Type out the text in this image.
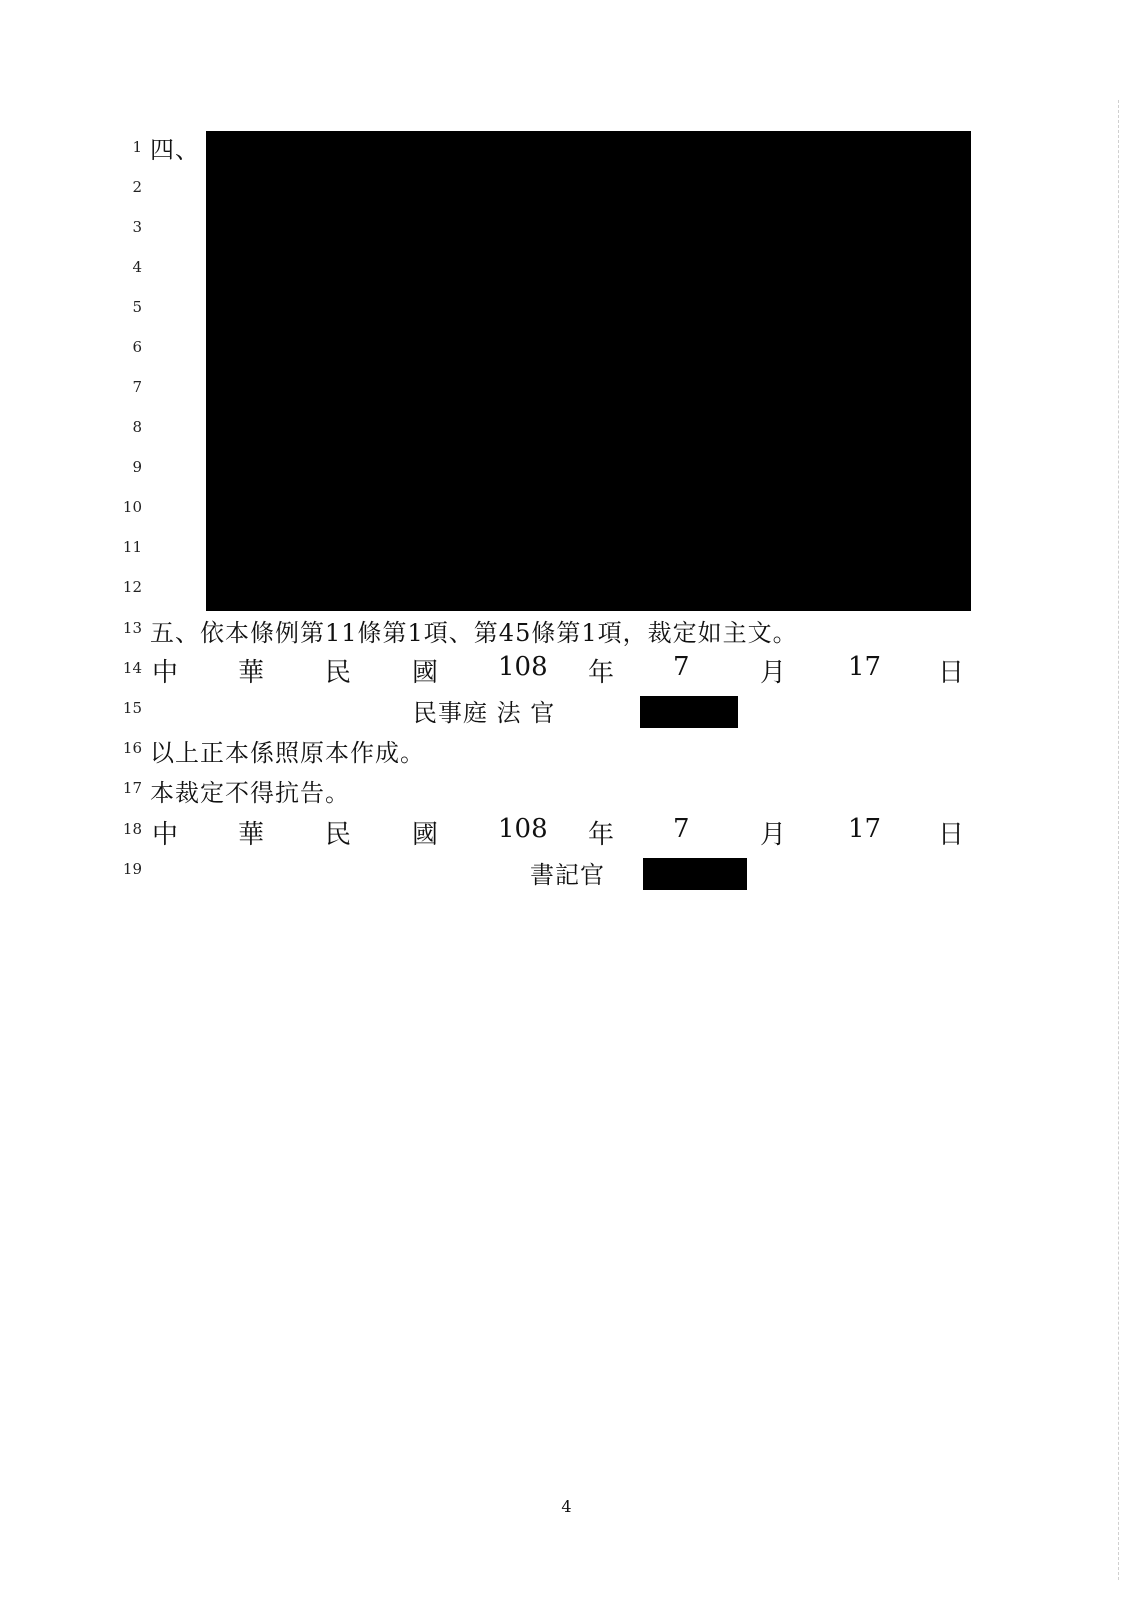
1
2
3
4
5
6
7
8
9
10
11
12
13
14
15
16
17
18
19
四、
五、依本條例第11條第1項、第45條第1項，裁定如主文。
中 華 民 國 108 年 7	月 17 日
民事庭 法 官
以上正本係照原本作成。
本裁定不得抗告。
中 華 民 國 108 年 7	月 17 日
書記官
4
